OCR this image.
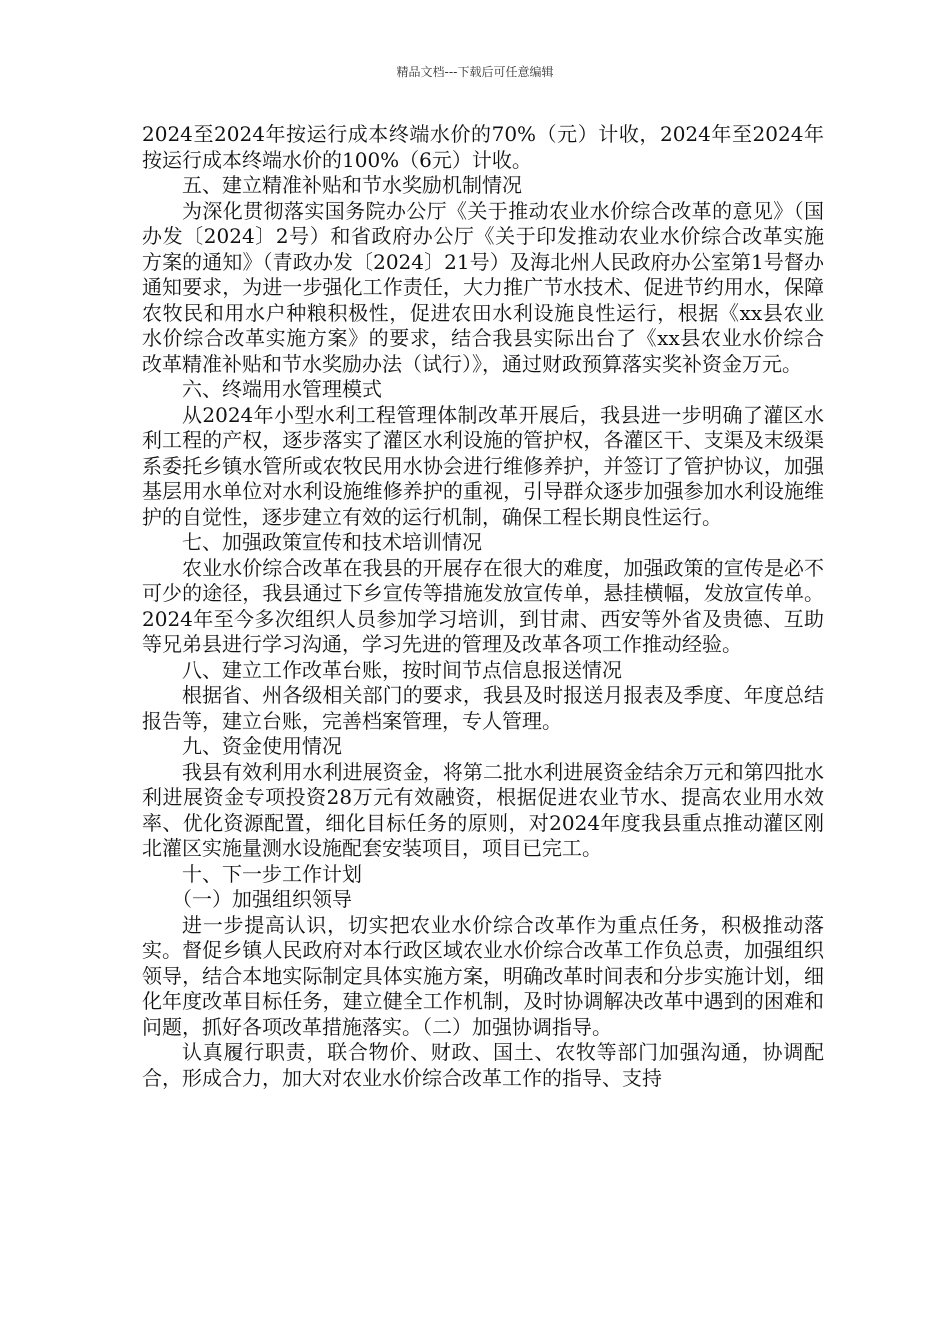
精品文档---下载后可任意编辑

2024至2024年按运行成本终端水价的70%（元）计收，2024年至2024年按运行成本终端水价的100%（6元）计收。

五、建立精准补贴和节水奖励机制情况

为深化贯彻落实国务院办公厅《关于推动农业水价综合改革的意见》（国办发〔2024〕2号）和省政府办公厅《关于印发推动农业水价综合改革实施方案的通知》（青政办发〔2024〕21号）及海北州人民政府办公室第1号督办通知要求，为进一步强化工作责任，大力推广节水技术、促进节约用水，保障农牧民和用水户种粮积极性，促进农田水利设施良性运行，根据《xx县农业水价综合改革实施方案》的要求，结合我县实际出台了《xx县农业水价综合改革精准补贴和节水奖励办法（试行）》，通过财政预算落实奖补资金万元。

六、终端用水管理模式

从2024年小型水利工程管理体制改革开展后，我县进一步明确了灌区水利工程的产权，逐步落实了灌区水利设施的管护权，各灌区干、支渠及末级渠系委托乡镇水管所或农牧民用水协会进行维修养护，并签订了管护协议，加强基层用水单位对水利设施维修养护的重视，引导群众逐步加强参加水利设施维护的自觉性，逐步建立有效的运行机制，确保工程长期良性运行。

七、加强政策宣传和技术培训情况

农业水价综合改革在我县的开展存在很大的难度，加强政策的宣传是必不可少的途径，我县通过下乡宣传等措施发放宣传单，悬挂横幅，发放宣传单。2024年至今多次组织人员参加学习培训，到甘肃、西安等外省及贵德、互助等兄弟县进行学习沟通，学习先进的管理及改革各项工作推动经验。

八、建立工作改革台账，按时间节点信息报送情况

根据省、州各级相关部门的要求，我县及时报送月报表及季度、年度总结报告等，建立台账，完善档案管理，专人管理。

九、资金使用情况

我县有效利用水利进展资金，将第二批水利进展资金结余万元和第四批水利进展资金专项投资28万元有效融资，根据促进农业节水、提高农业用水效率、优化资源配置，细化目标任务的原则，对2024年度我县重点推动灌区刚北灌区实施量测水设施配套安装项目，项目已完工。

十、下一步工作计划

（一）加强组织领导

进一步提高认识，切实把农业水价综合改革作为重点任务，积极推动落实。督促乡镇人民政府对本行政区域农业水价综合改革工作负总责，加强组织领导，结合本地实际制定具体实施方案，明确改革时间表和分步实施计划，细化年度改革目标任务，建立健全工作机制，及时协调解决改革中遇到的困难和问题，抓好各项改革措施落实。（二）加强协调指导。

认真履行职责，联合物价、财政、国土、农牧等部门加强沟通，协调配合，形成合力，加大对农业水价综合改革工作的指导、支持
